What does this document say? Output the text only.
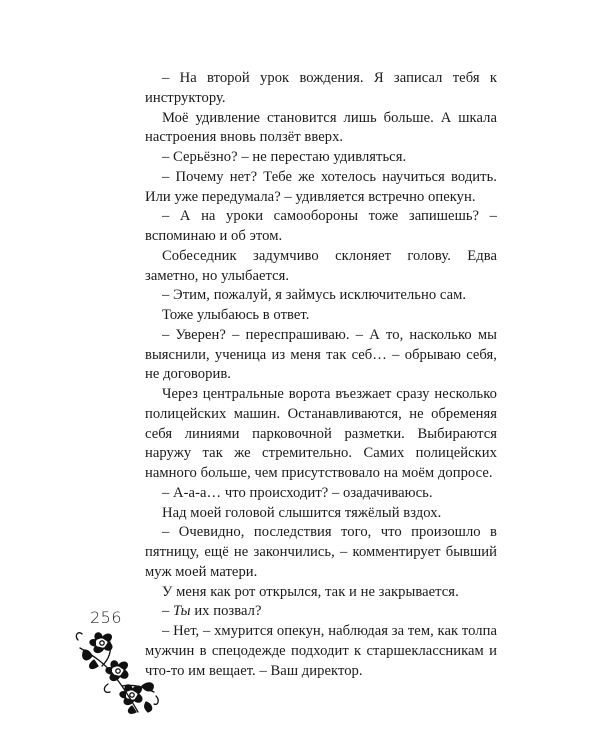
– На второй урок вождения. Я записал тебя к инструктору.

Моё удивление становится лишь больше. А шкала настроения вновь ползёт вверх.

– Серьёзно? – не перестаю удивляться.

– Почему нет? Тебе же хотелось научиться водить. Или уже передумала? – удивляется встречно опекун.

– А на уроки самообороны тоже запишешь? – вспоминаю и об этом.

Собеседник задумчиво склоняет голову. Едва заметно, но улыбается.

– Этим, пожалуй, я займусь исключительно сам.

Тоже улыбаюсь в ответ.

– Уверен? – переспрашиваю. – А то, насколько мы выяснили, ученица из меня так себ… – обрываю себя, не договорив.

Через центральные ворота въезжает сразу несколько полицейских машин. Останавливаются, не обременяя себя линиями парковочной разметки. Выбираются наружу так же стремительно. Самих полицейских намного больше, чем присутствовало на моём допросе.

– А-а-а… что происходит? – озадачиваюсь.

Над моей головой слышится тяжёлый вздох.

– Очевидно, последствия того, что произошло в пятницу, ещё не закончились, – комментирует бывший муж моей матери.

У меня как рот открылся, так и не закрывается.

– Ты их позвал?

– Нет, – хмурится опекун, наблюдая за тем, как толпа мужчин в спецодежде подходит к старшеклассникам и что-то им вещает. – Ваш директор.

256
